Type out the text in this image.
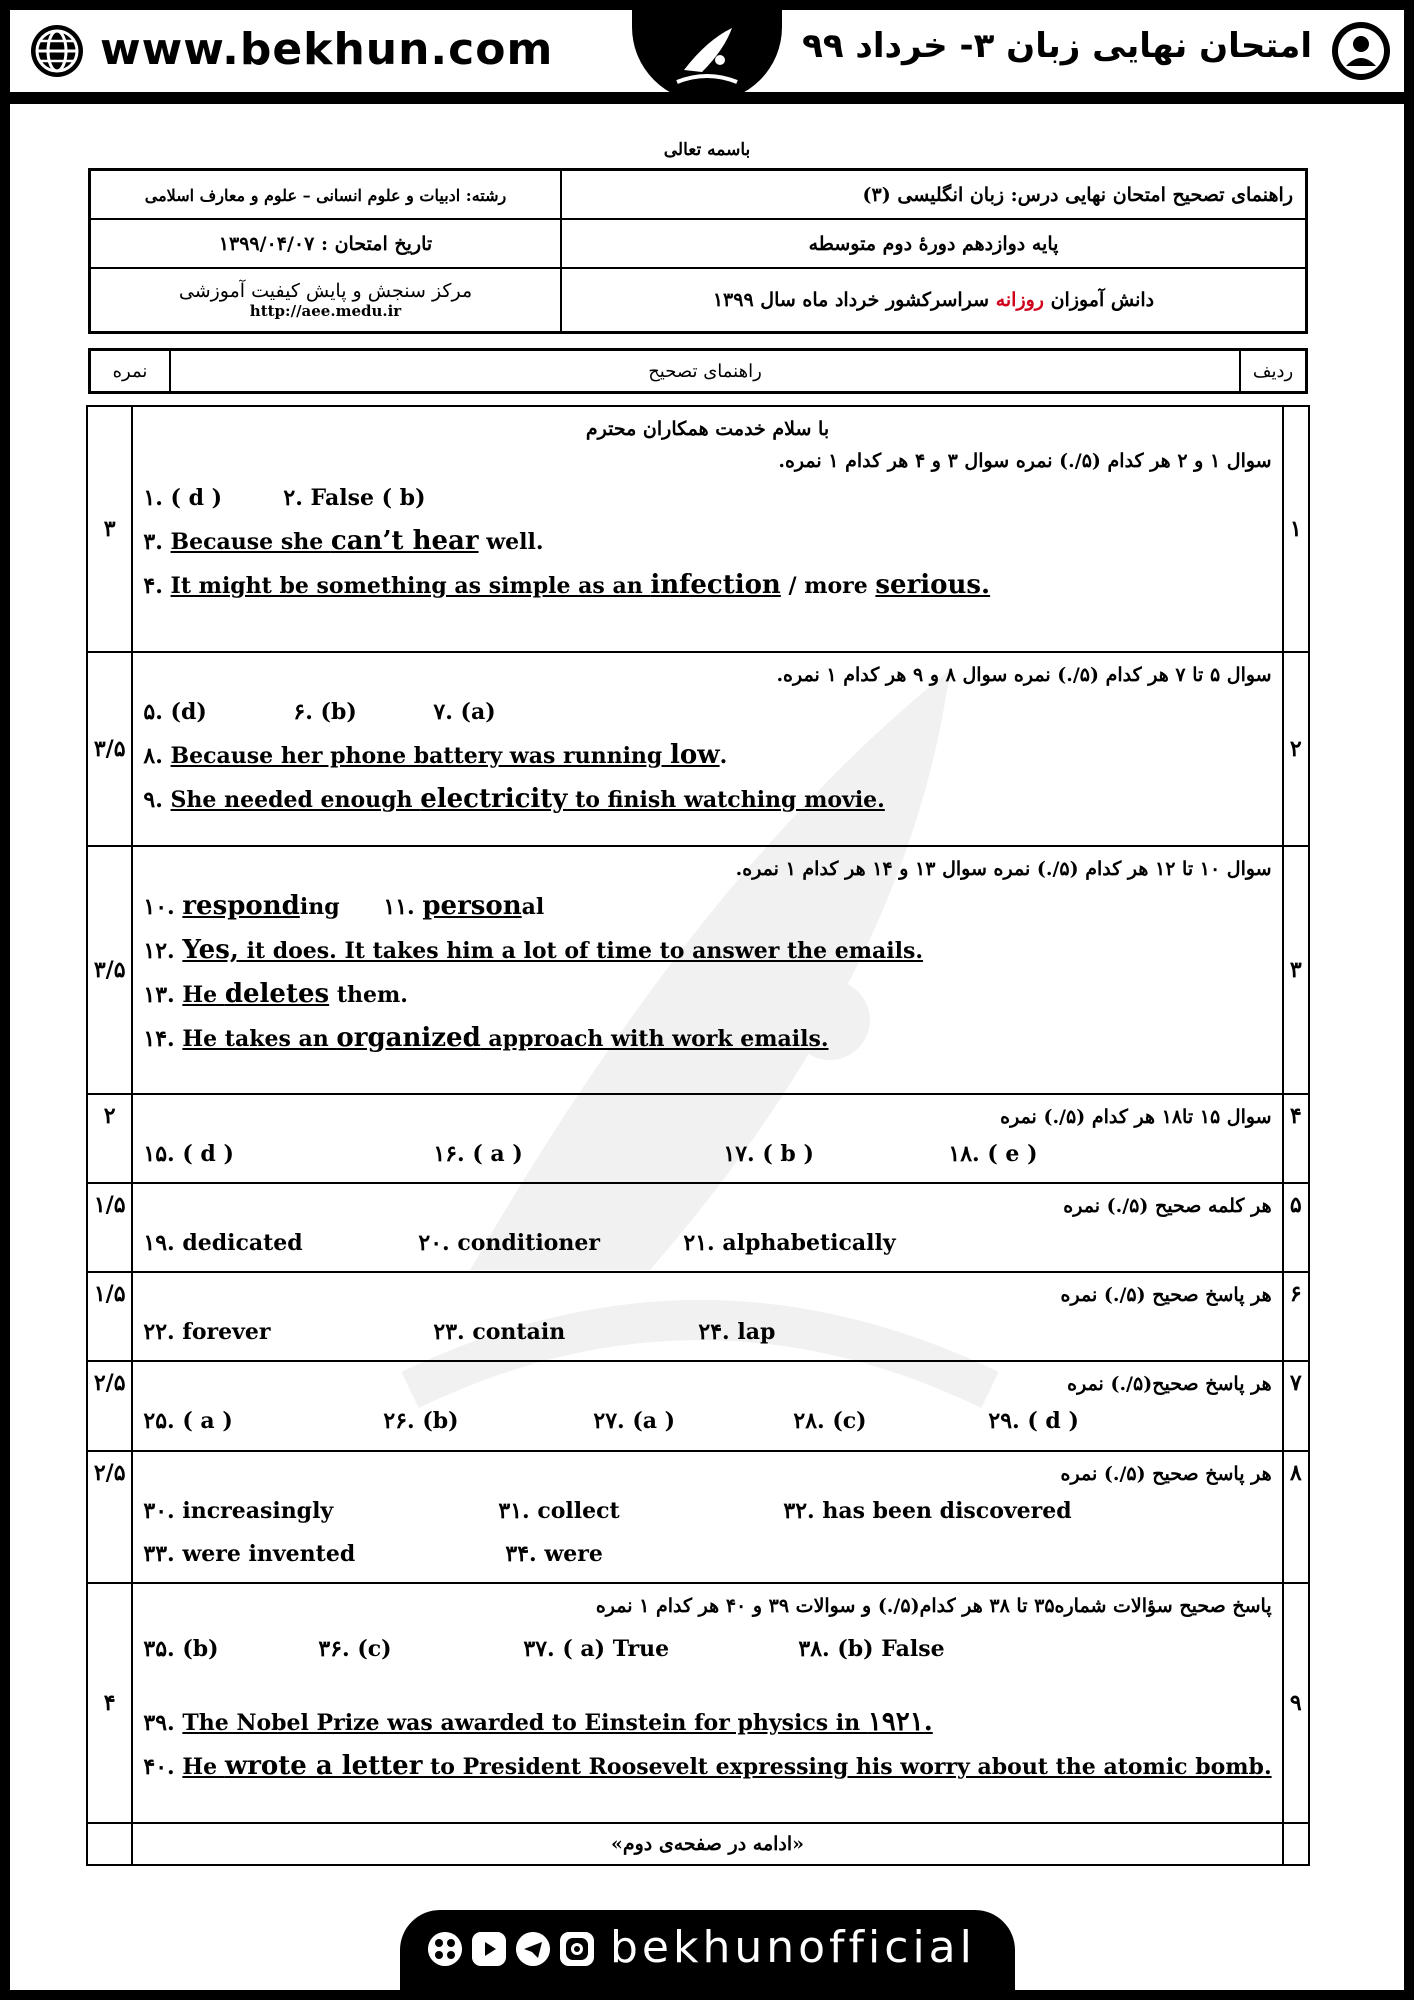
www.bekhun.com	امتحان نهایی زبان ۳- خرداد ۹۹
باسمه تعالی
رشته: ادبیات و علوم انسانی – علوم و معارف اسلامی	راهنمای تصحیح امتحان نهایی درس: زبان انگلیسی (۳)
تاریخ امتحان : ۱۳۹۹/۰۴/۰۷	پایه دوازدهم دورهٔ دوم متوسطه
مرکز سنجش و پایش کیفیت آموزشی
http://aee.medu.ir	دانش آموزان روزانه سراسرکشور خرداد ماه سال ۱۳۹۹
نمره	راهنمای تصحیح	ردیف
۳	با سلام خدمت همکاران محترم
سوال ۱ و ۲ هر کدام (۵/.) نمره سوال ۳ و ۴ هر کدام ۱ نمره.
۱. ( d ) ۲. False ( b)
۳. Because she can’t hear well.
۴. It might be something as simple as an infection / more serious.	۱
۳/۵	سوال ۵ تا ۷ هر کدام (۵/.) نمره سوال ۸ و ۹ هر کدام ۱ نمره.
۵. (d) ۶. (b) ۷. (a)
۸. Because her phone battery was running low.
۹. She needed enough electricity to finish watching movie.	۲
۳/۵	سوال ۱۰ تا ۱۲ هر کدام (۵/.) نمره سوال ۱۳ و ۱۴ هر کدام ۱ نمره.
۱۰. responding ۱۱. personal
۱۲. Yes, it does. It takes him a lot of time to answer the emails.
۱۳. He deletes them.
۱۴. He takes an organized approach with work emails.	۳
۲	سوال ۱۵ تا۱۸ هر کدام (۵/.) نمره
۱۵. ( d ) ۱۶. ( a ) ۱۷. ( b ) ۱۸. ( e )	۴
۱/۵	هر کلمه صحیح (۵/.) نمره
۱۹. dedicated ۲۰. conditioner ۲۱. alphabetically	۵
۱/۵	هر پاسخ صحیح (۵/.) نمره
۲۲. forever ۲۳. contain ۲۴. lap	۶
۲/۵	هر پاسخ صحیح(۵/.) نمره
۲۵. ( a ) ۲۶. (b) ۲۷. (a ) ۲۸. (c) ۲۹. ( d )	۷
۲/۵	هر پاسخ صحیح (۵/.) نمره
۳۰. increasingly ۳۱. collect ۳۲. has been discovered
۳۳. were invented ۳۴. were	۸
۴	پاسخ صحیح سؤالات شماره۳۵ تا ۳۸ هر کدام(۵/.) و سوالات ۳۹ و ۴۰ هر کدام ۱ نمره
۳۵. (b) ۳۶. (c) ۳۷. ( a) True ۳۸. (b) False
۳۹. The Nobel Prize was awarded to Einstein for physics in ۱۹۲۱.
۴۰. He wrote a letter to President Roosevelt expressing his worry about the atomic bomb.	۹

	«ادامه در صفحه‌ی دوم»	

bekhunofficial
